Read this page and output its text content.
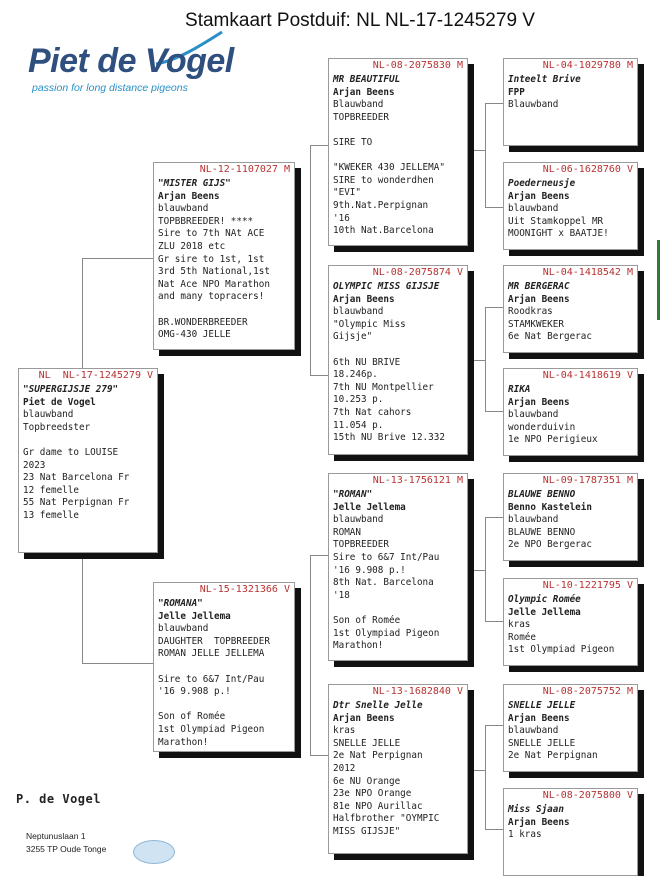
Stamkaart Postduif: NL NL-17-1245279 V
Piet de Vogel
passion for long distance pigeons
NL  NL-17-1245279 V
"SUPERGIJSJE 279"
Piet de Vogel
blauwband
Topbreedster
Gr dame to LOUISE
2023
23 Nat Barcelona Fr
12 femelle
55 Nat Perpignan Fr
13 femelle
NL-12-1107027 M
"MISTER GIJS"
Arjan Beens
blauwband
TOPBBREEDER! ****
Sire to 7th NAt ACE
ZLU 2018 etc
Gr sire to 1st, 1st
3rd 5th National,1st
Nat Ace NPO Marathon
and many topracers!
BR.WONDERBREEDER
OMG-430 JELLE
NL-15-1321366 V
"ROMANA"
Jelle Jellema
blauwband
DAUGHTER  TOPBREEDER
ROMAN JELLE JELLEMA
Sire to 6&7 Int/Pau
'16 9.908 p.!
Son of Romée
1st Olympiad Pigeon
Marathon!
NL-08-2075830 M
MR BEAUTIFUL
Arjan Beens
Blauwband
TOPBREEDER
SIRE TO
"KWEKER 430 JELLEMA"
SIRE to wonderdhen
"EVI"
9th.Nat.Perpignan
'16
10th Nat.Barcelona
NL-08-2075874 V
OLYMPIC MISS GIJSJE
Arjan Beens
blauwband
"Olympic Miss
Gijsje"
6th NU BRIVE
18.246p.
7th NU Montpellier
10.253 p.
7th Nat cahors
11.054 p.
15th NU Brive 12.332
NL-13-1756121 M
"ROMAN"
Jelle Jellema
blauwband
ROMAN
TOPBREEDER
Sire to 6&7 Int/Pau
'16 9.908 p.!
8th Nat. Barcelona
'18
Son of Romée
1st Olympiad Pigeon
Marathon!
NL-13-1682840 V
Dtr Snelle Jelle
Arjan Beens
kras
SNELLE JELLE
2e Nat Perpignan
2012
6e NU Orange
23e NPO Orange
81e NPO Aurillac
Halfbrother "OYMPIC
MISS GIJSJE"
NL-04-1029780 M
Inteelt Brive
FPP
Blauwband
NL-06-1628760 V
Poederneusje
Arjan Beens
blauwband
Uit Stamkoppel MR
MOONIGHT x BAATJE!
NL-04-1418542 M
MR BERGERAC
Arjan Beens
Roodkras
STAMKWEKER
6e Nat Bergerac
NL-04-1418619 V
RIKA
Arjan Beens
blauwband
wonderduivin
1e NPO Perigieux
NL-09-1787351 M
BLAUWE BENNO
Benno Kastelein
blauwband
BLAUWE BENNO
2e NPO Bergerac
NL-10-1221795 V
Olympic Romée
Jelle Jellema
kras
Romée
1st Olympiad Pigeon
NL-08-2075752 M
SNELLE JELLE
Arjan Beens
blauwband
SNELLE JELLE
2e Nat Perpignan
NL-08-2075800 V
Miss Sjaan
Arjan Beens
1 kras
P. de Vogel
Neptunuslaan 1
3255 TP Oude Tonge
